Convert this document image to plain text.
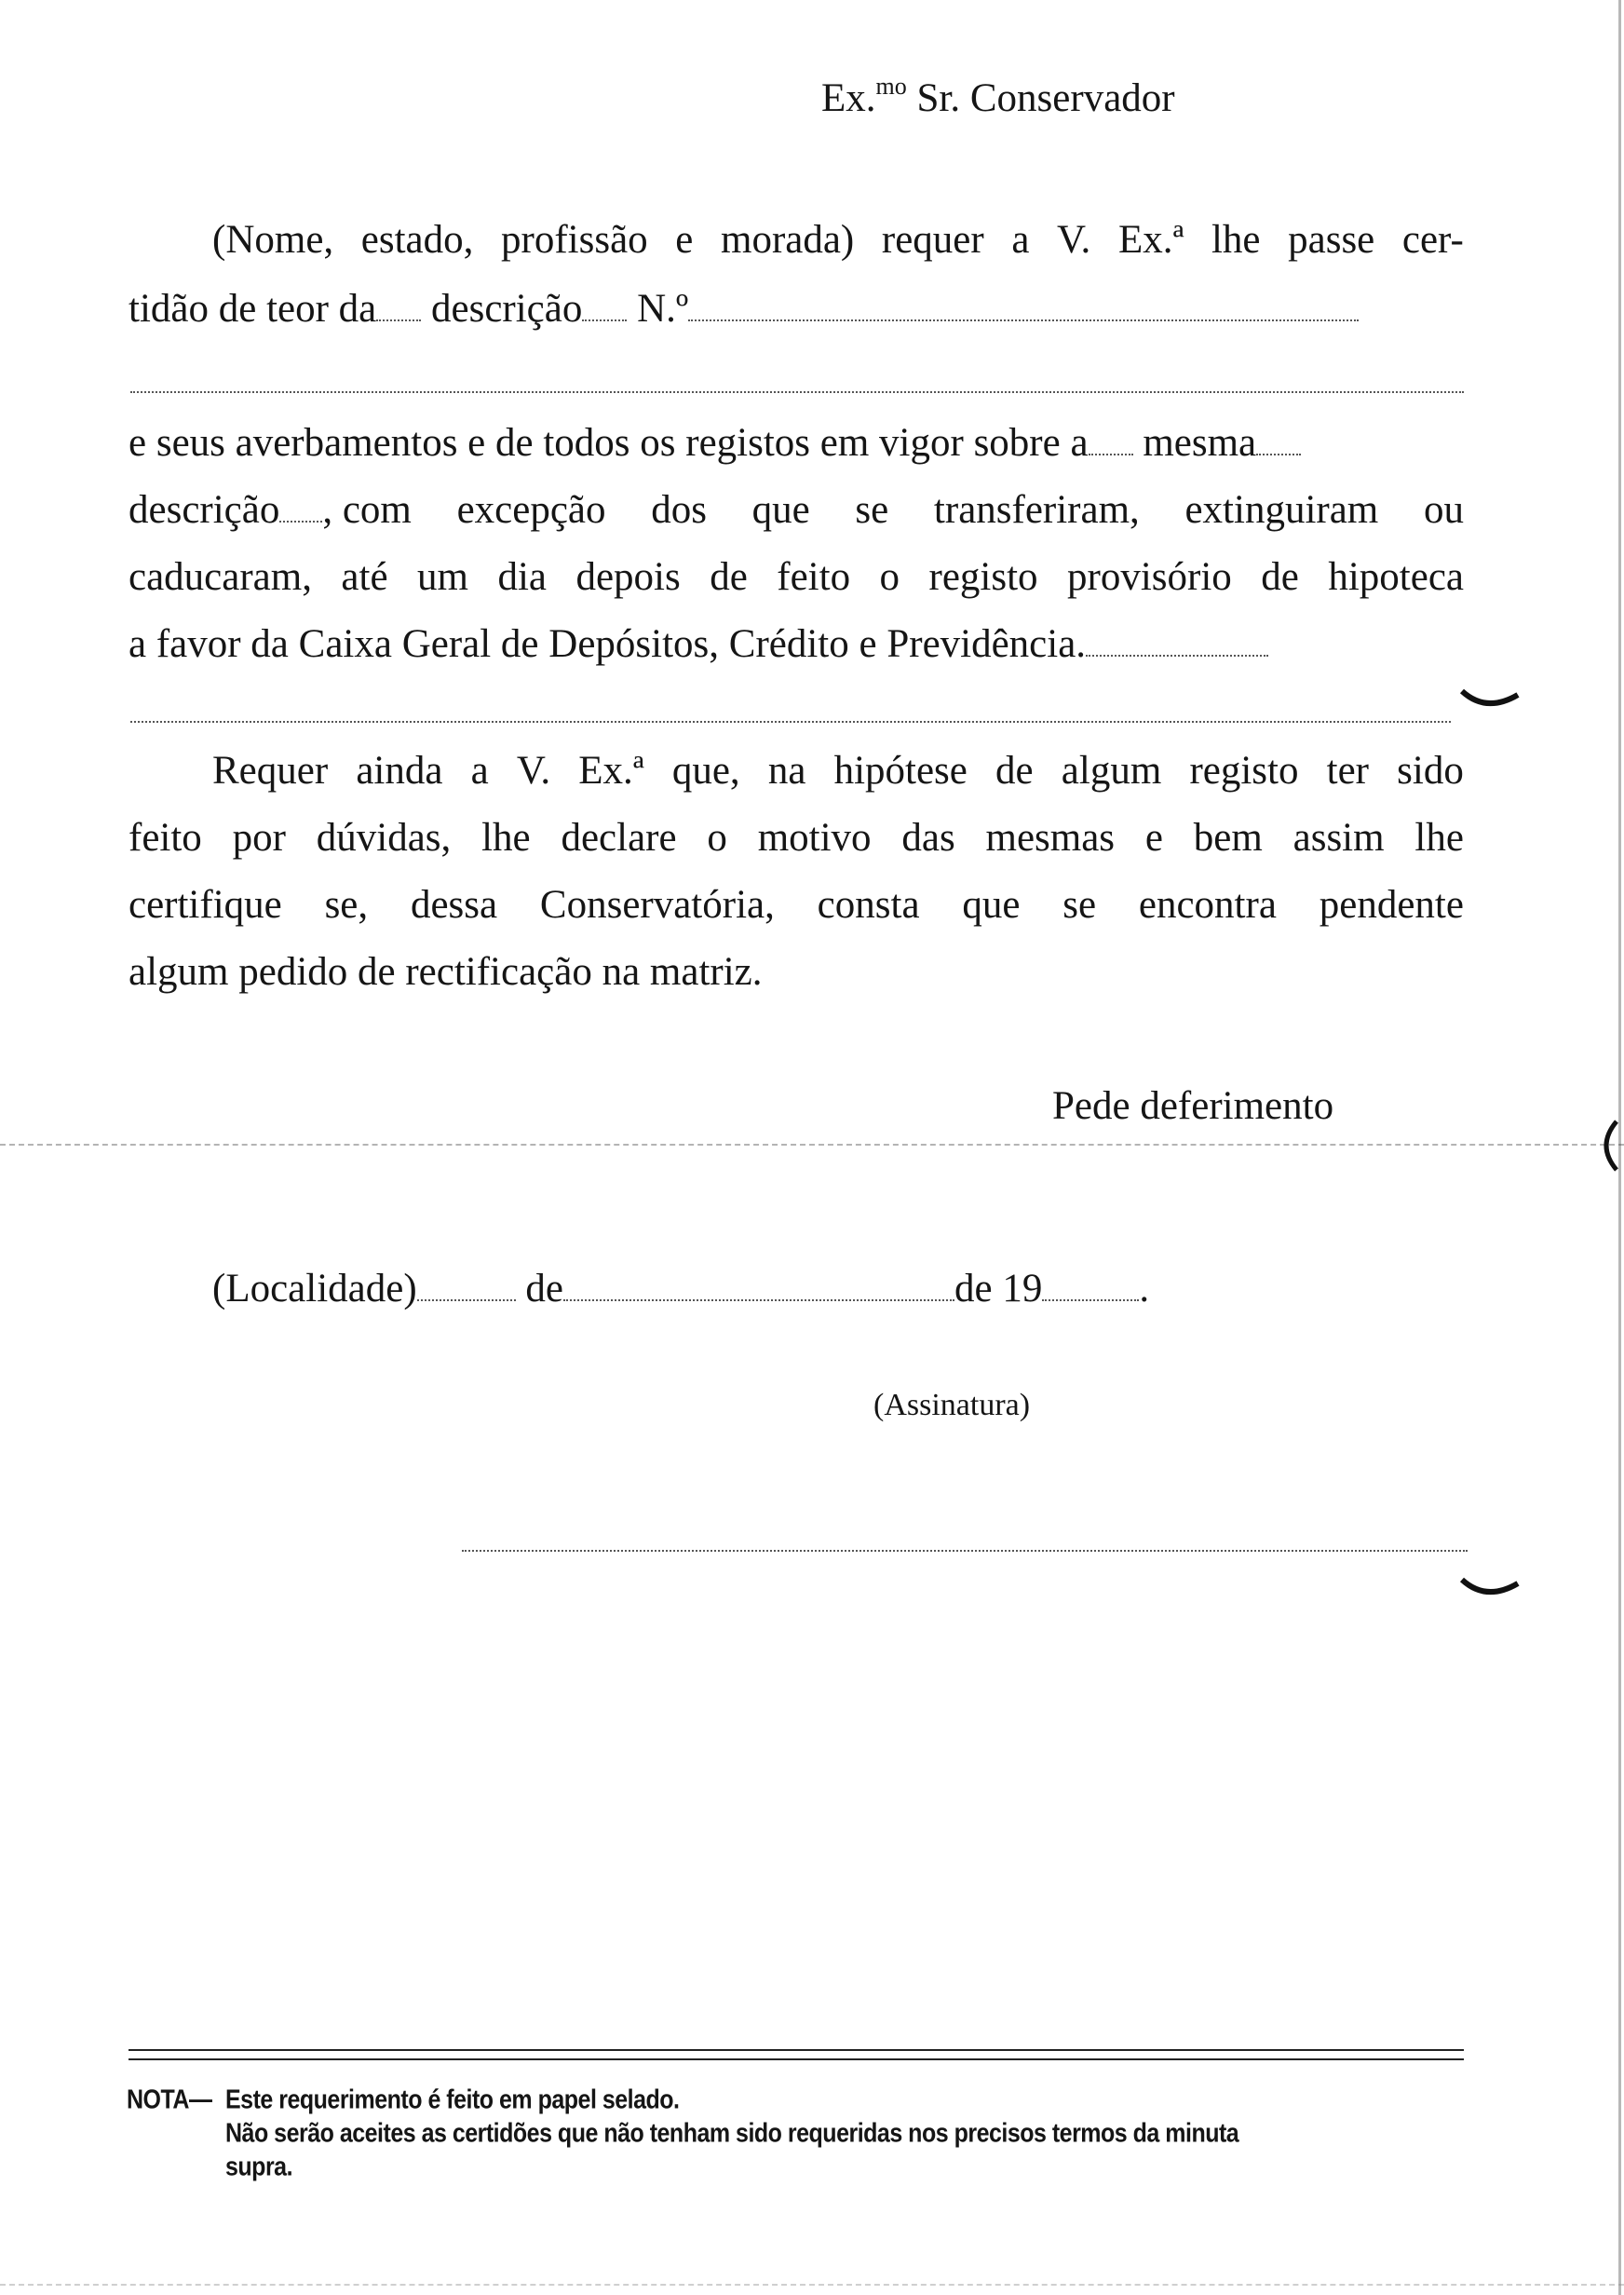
Ex.$^{mo}$ Sr. Conservador
(Nome, estado, profissão e morada) requer a V. Ex.ª lhe passe cer-
tidão de teor da descrição N.º
e seus averbamentos e de todos os registos em vigor sobre a mesma
descrição , com excepção dos que se transferiram, extinguiram ou
caducaram, até um dia depois de feito o registo provisório de hipoteca
a favor da Caixa Geral de Depósitos, Crédito e Previdência.
Requer ainda a V. Ex.ª que, na hipótese de algum registo ter sido
feito por dúvidas, lhe declare o motivo das mesmas e bem assim lhe
certifique se, dessa Conservatória, consta que se encontra pendente
algum pedido de rectificação na matriz.
Pede deferimento
(Localidade)	de	de 19 .
(Assinatura)
NOTA— Este requerimento é feito em papel selado.
Não serão aceites as certidões que não tenham sido requeridas nos precisos termos da minuta
supra.
